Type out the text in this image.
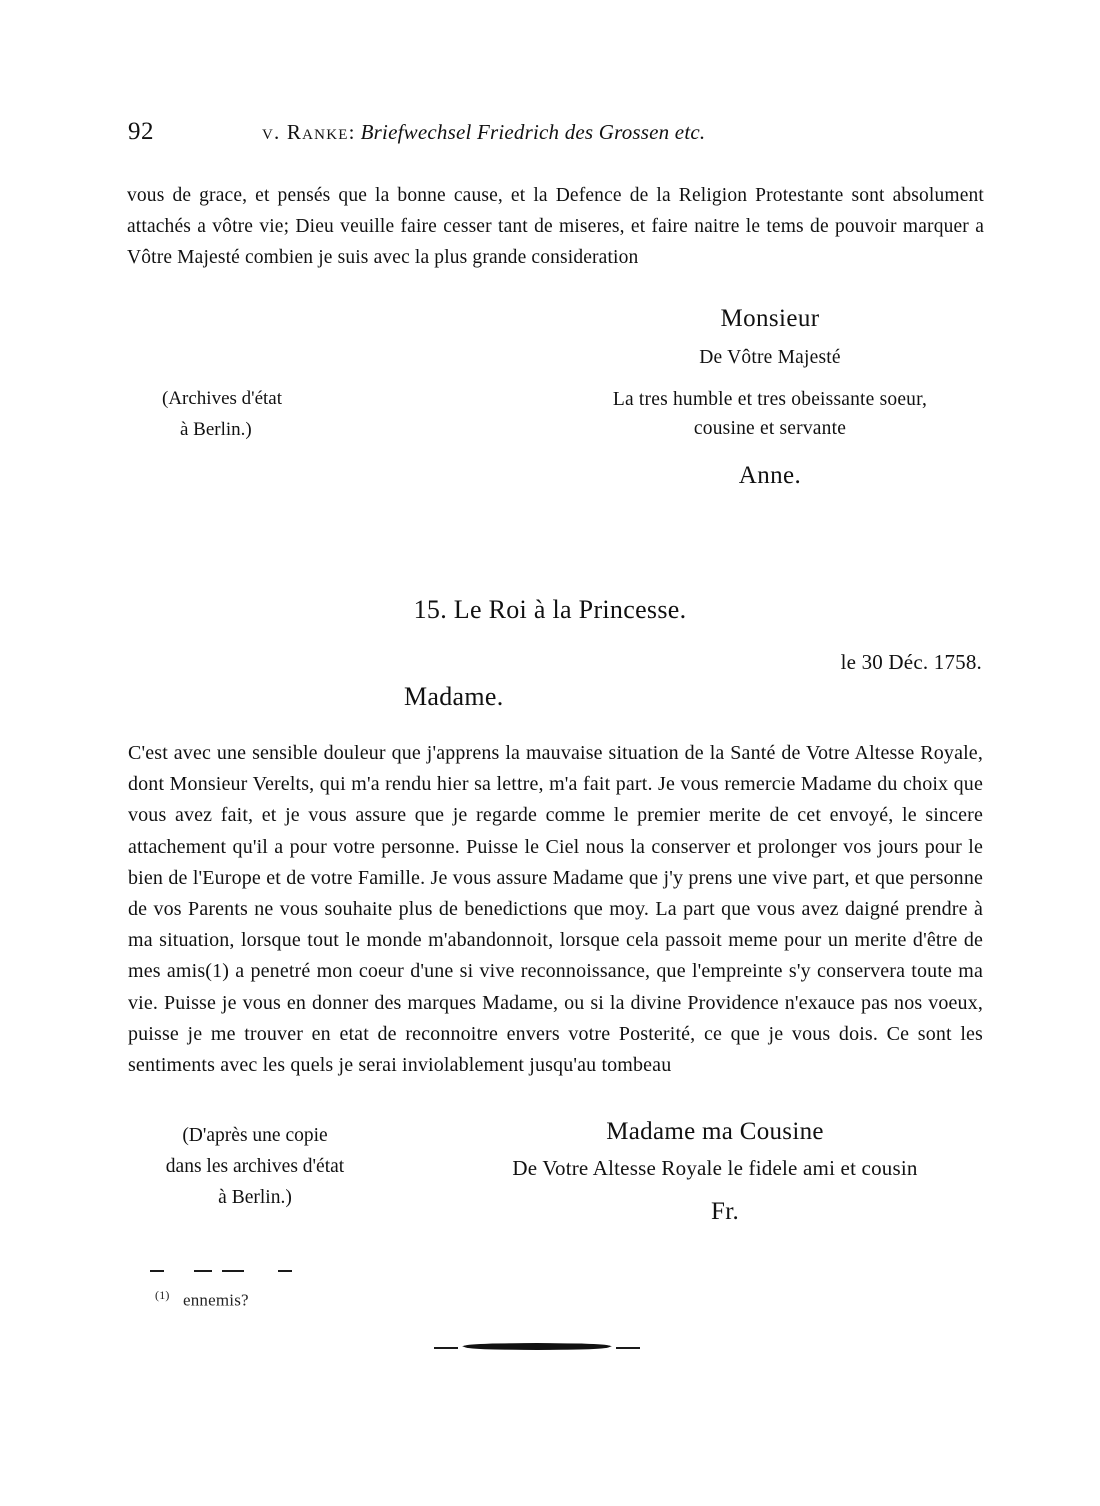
92	v. Ranke: Briefwechsel Friedrich des Grossen etc.
vous de grace, et pensés que la bonne cause, et la Defence de la Religion Protestante sont absolument attachés a vôtre vie; Dieu veuille faire cesser tant de miseres, et faire naitre le tems de pouvoir marquer a Vôtre Majesté combien je suis avec la plus grande consideration
(Archives d'état
à Berlin.)
Monsieur
De Vôtre Majesté
La tres humble et tres obeissante soeur,
cousine et servante
Anne.
15. Le Roi à la Princesse.
le 30 Déc. 1758.
Madame.
C'est avec une sensible douleur que j'apprens la mauvaise situation de la Santé de Votre Altesse Royale, dont Monsieur Verelts, qui m'a rendu hier sa lettre, m'a fait part. Je vous remercie Madame du choix que vous avez fait, et je vous assure que je regarde comme le premier merite de cet envoyé, le sincere attachement qu'il a pour votre personne. Puisse le Ciel nous la conserver et prolonger vos jours pour le bien de l'Europe et de votre Famille. Je vous assure Madame que j'y prens une vive part, et que personne de vos Parents ne vous souhaite plus de benedictions que moy. La part que vous avez daigné prendre à ma situation, lorsque tout le monde m'abandonnoit, lorsque cela passoit meme pour un merite d'être de mes amis(1) a penetré mon coeur d'une si vive reconnoissance, que l'empreinte s'y conservera toute ma vie. Puisse je vous en donner des marques Madame, ou si la divine Providence n'exauce pas nos voeux, puisse je me trouver en etat de reconnoitre envers votre Posterité, ce que je vous dois. Ce sont les sentiments avec les quels je serai inviolablement jusqu'au tombeau
(D'après une copie
dans les archives d'état
à Berlin.)
Madame ma Cousine
De Votre Altesse Royale le fidele ami et cousin
Fr.
$^{(1)}$ ennemis?
